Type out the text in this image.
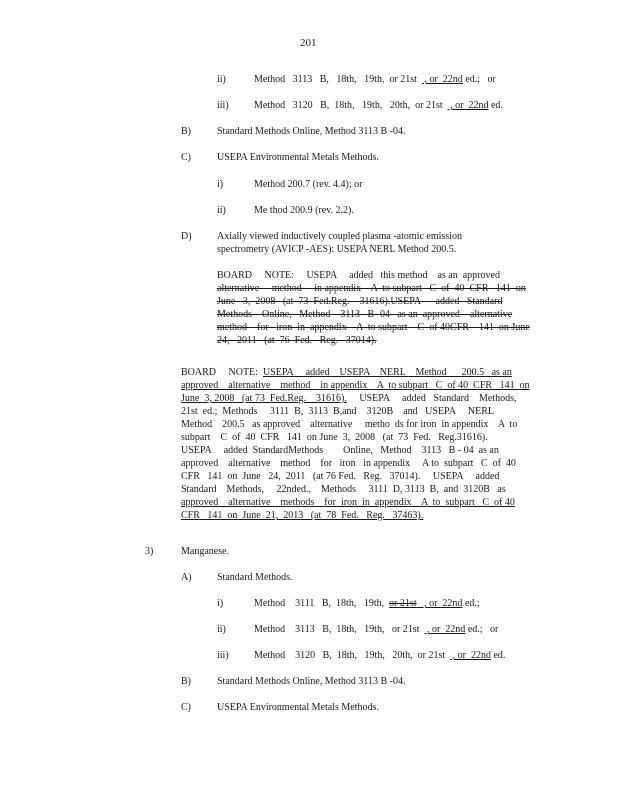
201
ii)	Method   3113   B,   18th,   19th,  or 21st   , or  22nd ed.;   or
iii)	Method   3120   B,  18th,   19th,   20th,  or 21st   , or  22nd ed.
B)	Standard Methods Online, Method 3113 B -04.
C)	USEPA Environmental Metals Methods.
i)	Method 200.7 (rev. 4.4); or
ii)	Me thod 200.9 (rev. 2.2).
D)	Axially viewed inductively coupled plasma -atomic emission
spectrometry (AVICP -AES): USEPA NERL Method 200.5.
BOARD     NOTE:     USEPA     added   this method    as an  approved
alternative     method     in appendix    A  to subpart   C  of  40  CFR   141  on
June   3,  2008   (at  73  Fed.Reg.    31616).USEPA      added   Standard
Methods    Online,   Method    3113   B -04   as an  approved    alternative
method    for   iron  in  appendix    A  to subpart    C  of 40CFR    141  on June
24,   2011   (at  76  Fed.   Reg.   37014).
BOARD     NOTE:  USEPA     added    USEPA    NERL    Method      200.5   as an
approved    alternative    method    in appendix    A  to subpart   C  of 40  CFR   141  on
June  3, 2008   (at 73  Fed.Reg.    31616).     USEPA     added   Standard    Methods,
21st  ed.;  Methods     3111  B,  3113  B,and    3120B    and   USEPA     NERL
Method    200.5   as approved    alternative     metho  ds for iron  in appendix    A  to
subpart    C  of  40  CFR   141  on June  3,  2008   (at  73  Fed.   Reg.31616).
USEPA     added  StandardMethods        Online,   Method    3113   B - 04  as an
approved    alternative    method    for   iron   in appendix     A to  subpart   C  of  40
CFR   141  on  June   24,  2011   (at 76 Fed.   Reg.   37014).     USEPA     added
Standard    Methods,     22nded.,    Methods     3111  D, 3113  B,  and  3120B   as
approved    alternative    methods    for  iron  in  appendix    A  to  subpart   C  of 40
CFR   141  on  June  21,  2013   (at  78  Fed.   Reg.   37463).
3)	Manganese.
A)	Standard Methods.
i)	Method    3111   B,  18th,   19th,  or 21st   , or  22nd ed.;
ii)	Method    3113   B,  18th,   19th,   or 21st   , or  22nd ed.;   or
iii)	Method    3120   B,  18th,   19th,   20th,  or 21st   , or  22nd ed.
B)	Standard Methods Online, Method 3113 B -04.
C)	USEPA Environmental Metals Methods.
